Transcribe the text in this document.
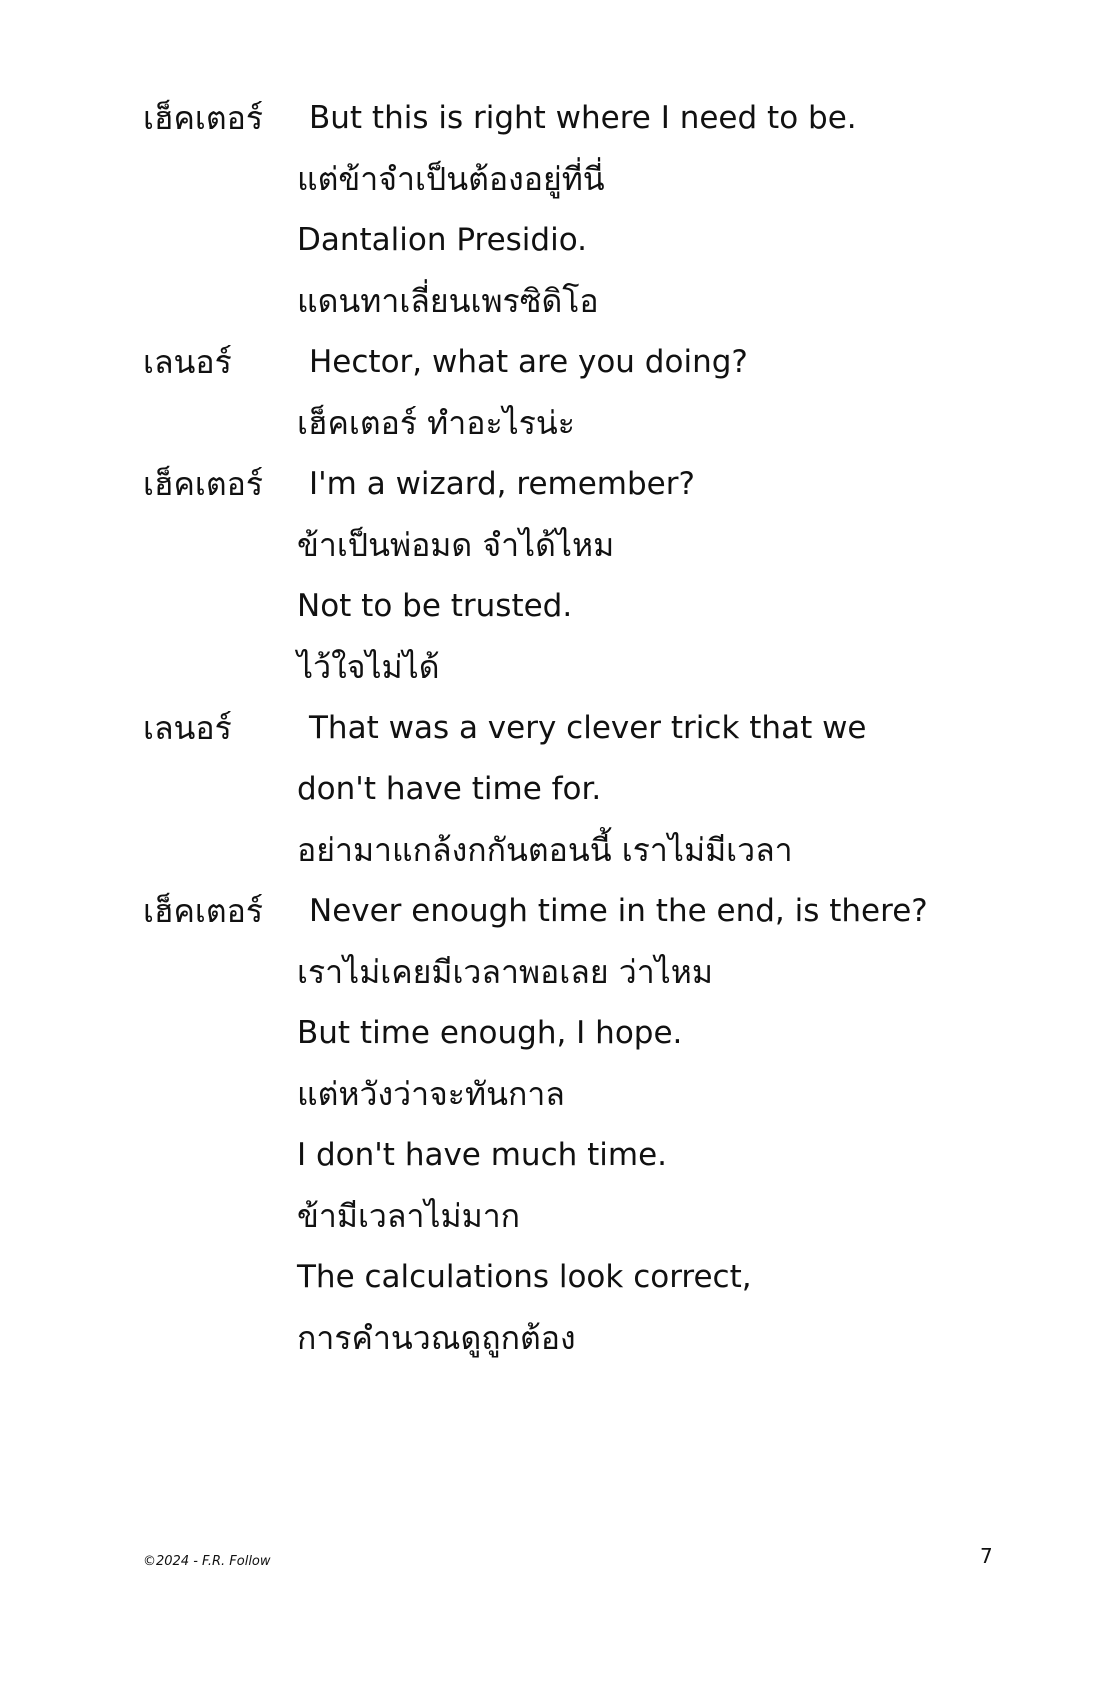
เฮ็คเตอร์ But this is right where I need to be.
แต่ข้าจำเป็นต้องอยู่ที่นี่
Dantalion Presidio.
แดนทาเลี่ยนเพรซิดิโอ
เลนอร์ Hector, what are you doing?
เฮ็คเตอร์ ทำอะไรน่ะ
เฮ็คเตอร์ I'm a wizard, remember?
ข้าเป็นพ่อมด จำได้ไหม
Not to be trusted.
ไว้ใจไม่ได้
เลนอร์ That was a very clever trick that we
don't have time for.
อย่ามาแกล้งกกันตอนนี้ เราไม่มีเวลา
เฮ็คเตอร์ Never enough time in the end, is there?
เราไม่เคยมีเวลาพอเลย ว่าไหม
But time enough, I hope.
แต่หวังว่าจะทันกาล
I don't have much time.
ข้ามีเวลาไม่มาก
The calculations look correct,
การคำนวณดูถูกต้อง
©2024 - F.R. Follow	7
